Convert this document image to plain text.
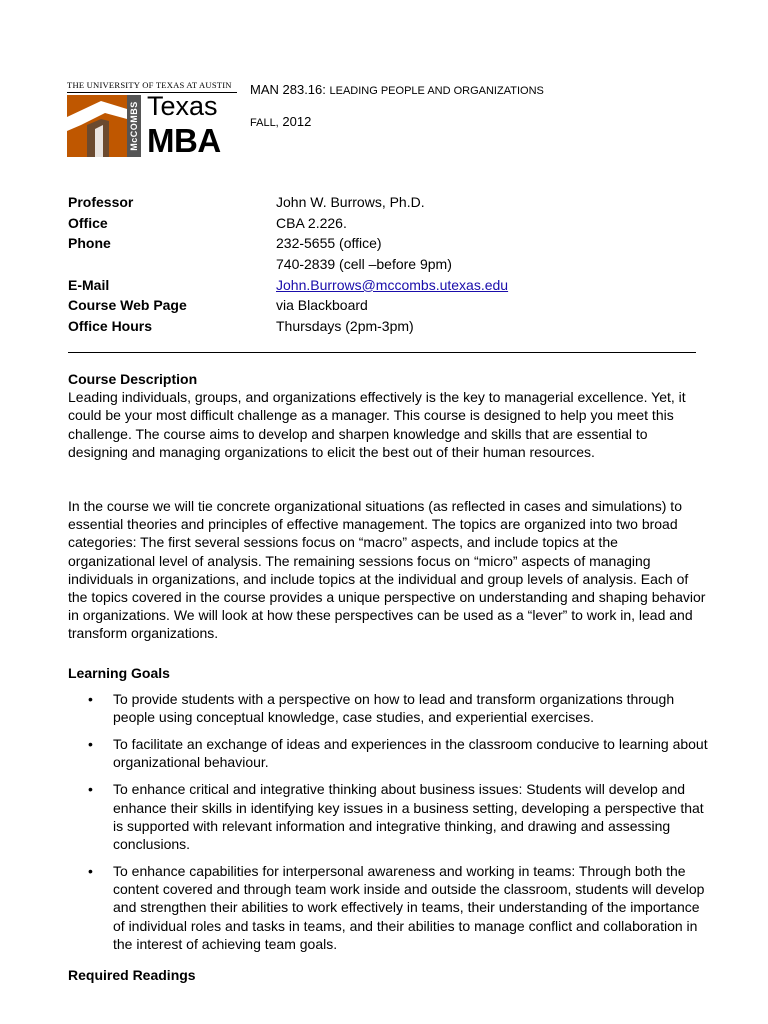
THE UNIVERSITY OF TEXAS AT AUSTIN
McCOMBS Texas
MBA
MAN 283.16: LEADING PEOPLE AND ORGANIZATIONS
FALL, 2012
Professor	John W. Burrows, Ph.D.
Office	CBA 2.226.
Phone	232-5655 (office)
740-2839 (cell –before 9pm)
E-Mail	John.Burrows@mccombs.utexas.edu
Course Web Page	via Blackboard
Office Hours	Thursdays (2pm-3pm)
Course Description

Leading individuals, groups, and organizations effectively is the key to managerial excellence. Yet, it could be your most difficult challenge as a manager. This course is designed to help you meet this challenge. The course aims to develop and sharpen knowledge and skills that are essential to designing and managing organizations to elicit the best out of their human resources.

In the course we will tie concrete organizational situations (as reflected in cases and simulations) to essential theories and principles of effective management. The topics are organized into two broad categories: The first several sessions focus on “macro” aspects, and include topics at the organizational level of analysis. The remaining sessions focus on “micro” aspects of managing individuals in organizations, and include topics at the individual and group levels of analysis. Each of the topics covered in the course provides a unique perspective on understanding and shaping behavior in organizations. We will look at how these perspectives can be used as a “lever” to work in, lead and transform organizations.

Learning Goals
• To provide students with a perspective on how to lead and transform organizations through people using conceptual knowledge, case studies, and experiential exercises.
• To facilitate an exchange of ideas and experiences in the classroom conducive to learning about organizational behaviour.
• To enhance critical and integrative thinking about business issues: Students will develop and enhance their skills in identifying key issues in a business setting, developing a perspective that is supported with relevant information and integrative thinking, and drawing and assessing conclusions.
• To enhance capabilities for interpersonal awareness and working in teams: Through both the content covered and through team work inside and outside the classroom, students will develop and strengthen their abilities to work effectively in teams, their understanding of the importance of individual roles and tasks in teams, and their abilities to manage conflict and collaboration in the interest of achieving team goals.
Required Readings
